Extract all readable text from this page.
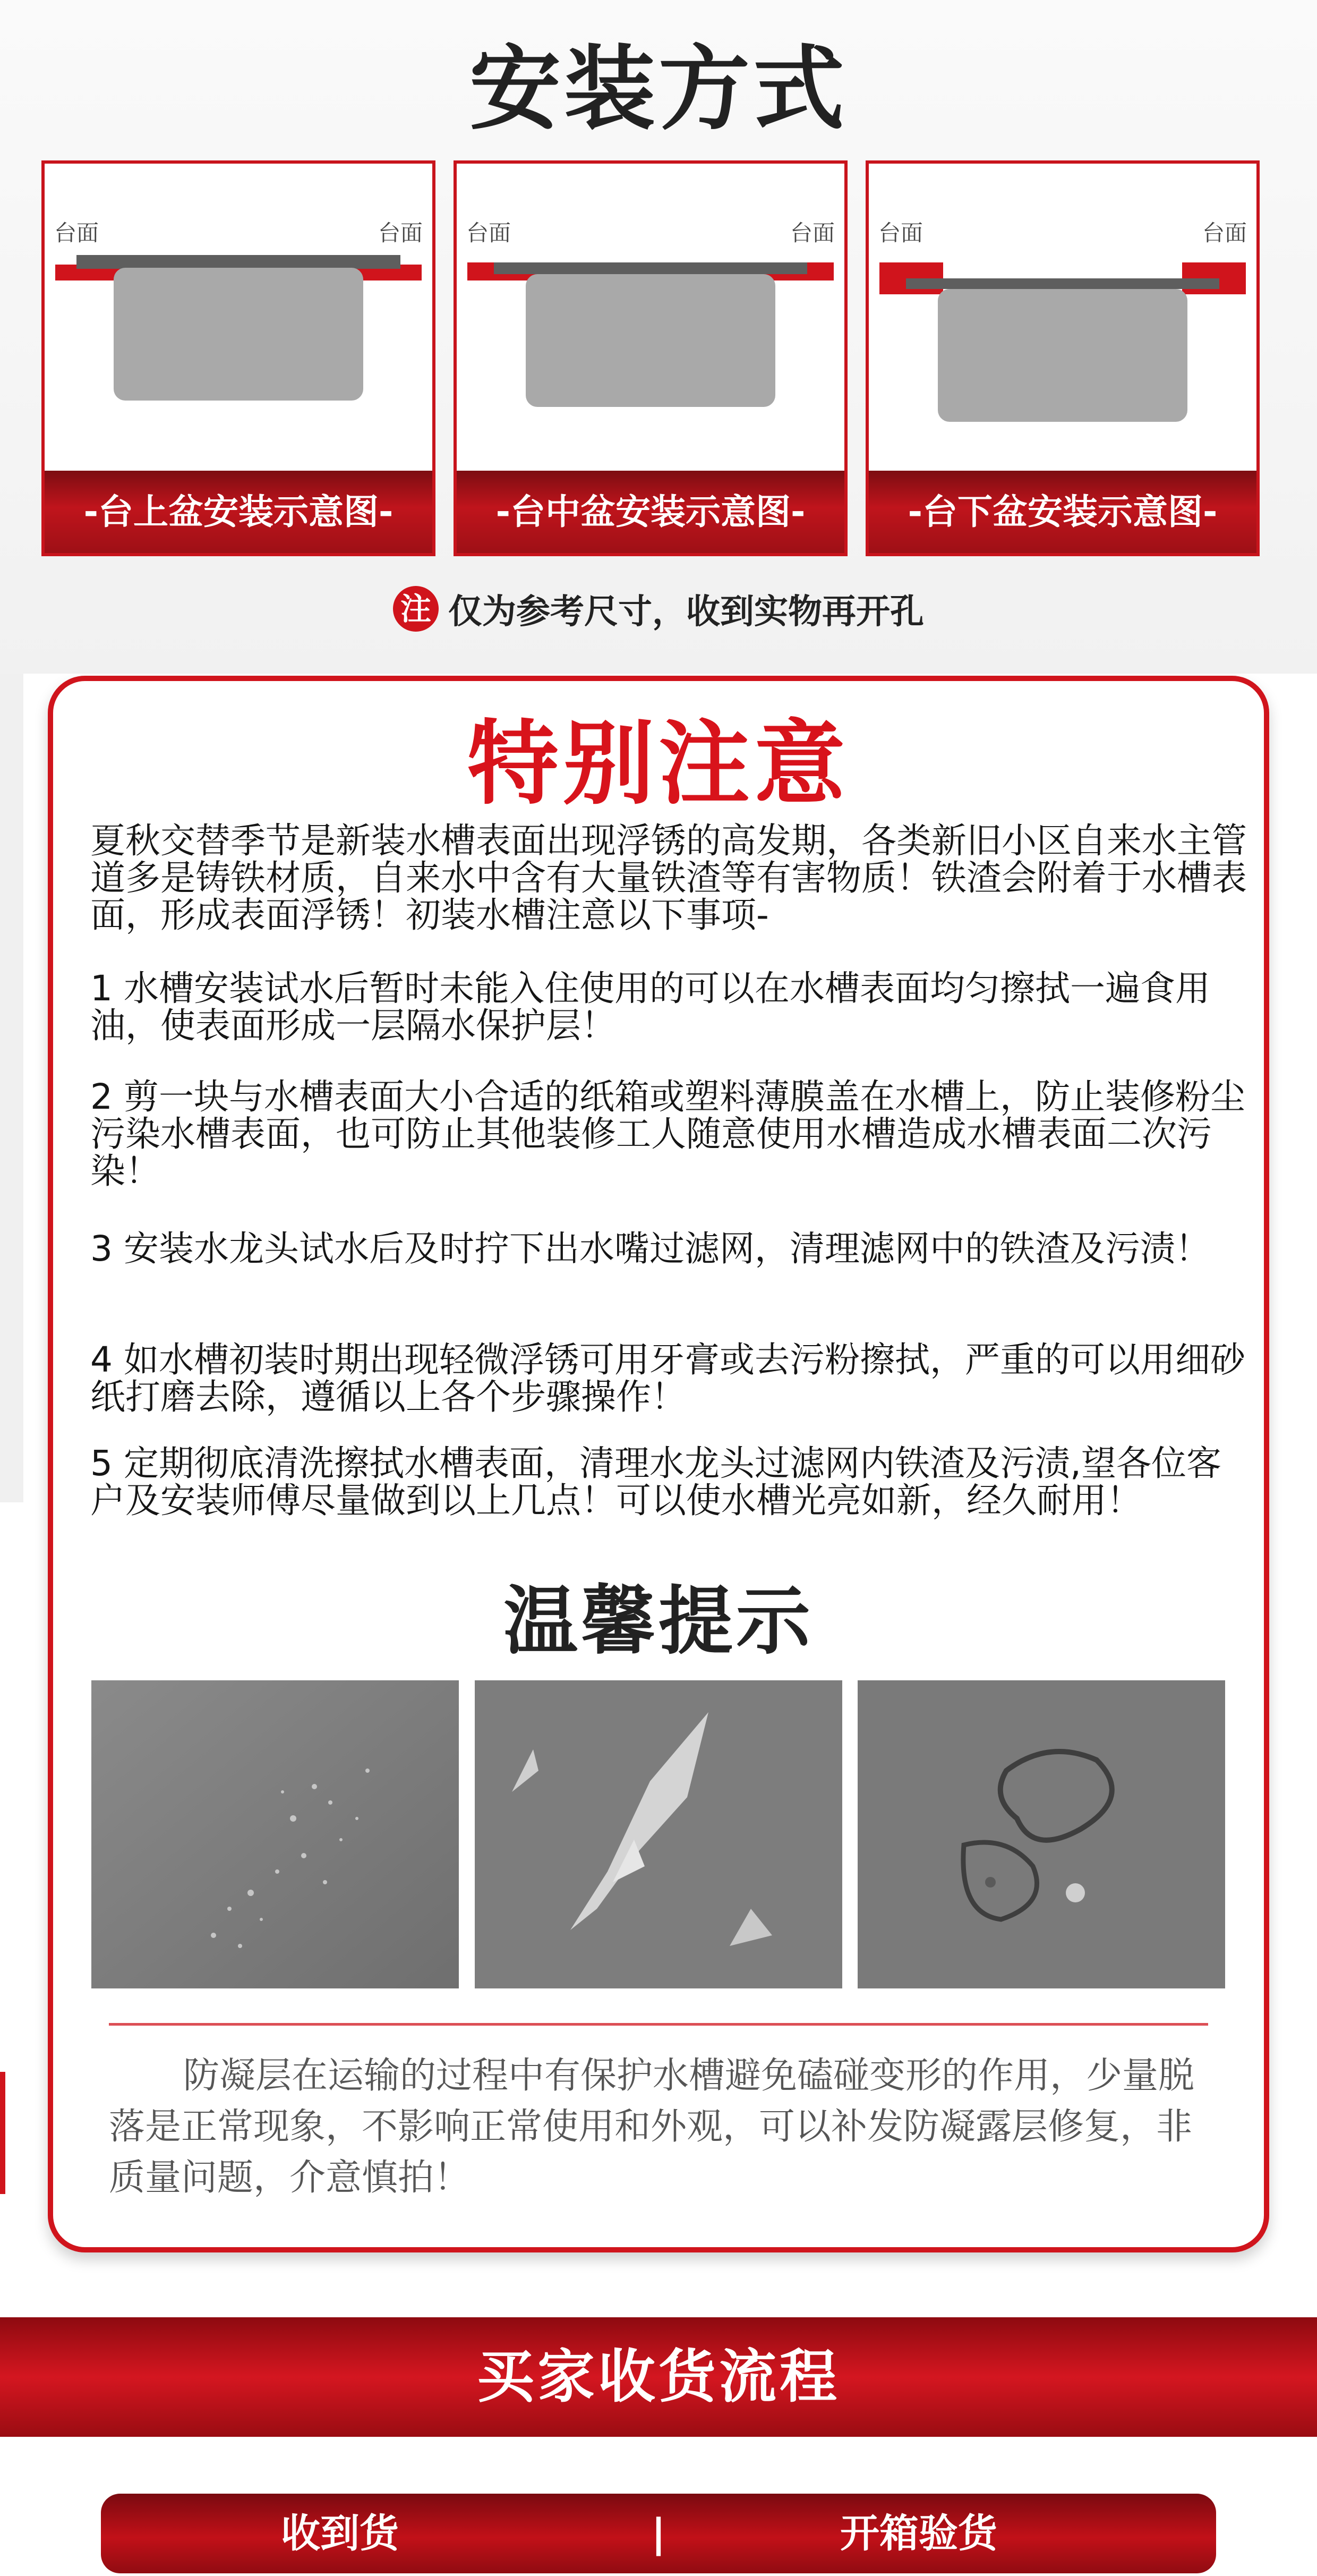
安装方式
台面	台面
-台上盆安装示意图-
台面	台面
-台中盆安装示意图-
台面	台面
-台下盆安装示意图-
注 仅为参考尺寸，收到实物再开孔
特别注意
夏秋交替季节是新装水槽表面出现浮锈的高发期，各类新旧小区自来水主管道多是铸铁材质，自来水中含有大量铁渣等有害物质！铁渣会附着于水槽表面，形成表面浮锈！初装水槽注意以下事项-
1 水槽安装试水后暂时未能入住使用的可以在水槽表面均匀擦拭一遍食用油，使表面形成一层隔水保护层！
2 剪一块与水槽表面大小合适的纸箱或塑料薄膜盖在水槽上，防止装修粉尘污染水槽表面，也可防止其他装修工人随意使用水槽造成水槽表面二次污染！
3 安装水龙头试水后及时拧下出水嘴过滤网，清理滤网中的铁渣及污渍！
4 如水槽初装时期出现轻微浮锈可用牙膏或去污粉擦拭，严重的可以用细砂纸打磨去除，遵循以上各个步骤操作！
5 定期彻底清洗擦拭水槽表面，清理水龙头过滤网内铁渣及污渍,望各位客户及安装师傅尽量做到以上几点！可以使水槽光亮如新，经久耐用！
温馨提示
防凝层在运输的过程中有保护水槽避免磕碰变形的作用，少量脱落是正常现象，不影响正常使用和外观，可以补发防凝露层修复，非质量问题，介意慎拍！
买家收货流程
收到货	|	开箱验货
